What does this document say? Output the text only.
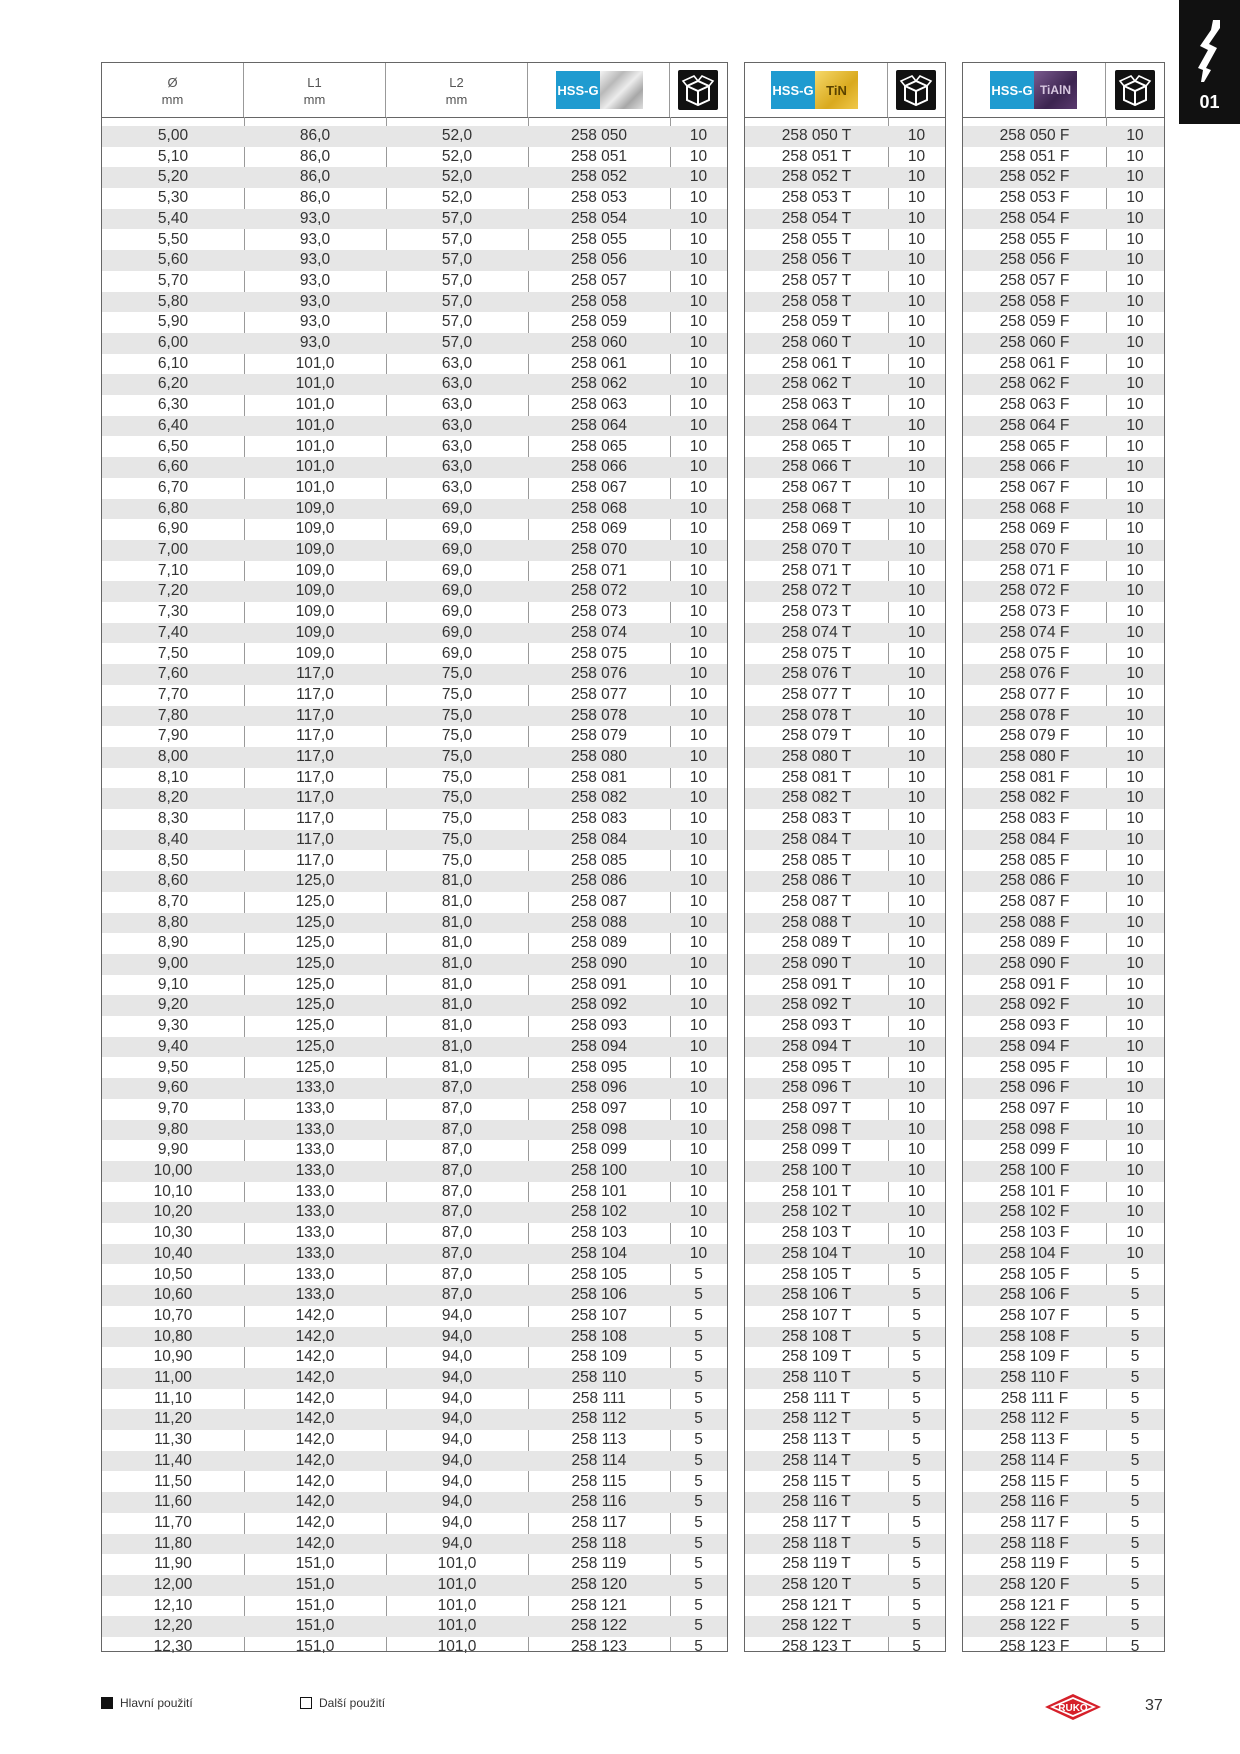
01
Ø
mm
L1
mm
L2
mm
HSS-G
5,00	86,0	52,0	258 050	10
5,10	86,0	52,0	258 051	10
5,20	86,0	52,0	258 052	10
5,30	86,0	52,0	258 053	10
5,40	93,0	57,0	258 054	10
5,50	93,0	57,0	258 055	10
5,60	93,0	57,0	258 056	10
5,70	93,0	57,0	258 057	10
5,80	93,0	57,0	258 058	10
5,90	93,0	57,0	258 059	10
6,00	93,0	57,0	258 060	10
6,10	101,0	63,0	258 061	10
6,20	101,0	63,0	258 062	10
6,30	101,0	63,0	258 063	10
6,40	101,0	63,0	258 064	10
6,50	101,0	63,0	258 065	10
6,60	101,0	63,0	258 066	10
6,70	101,0	63,0	258 067	10
6,80	109,0	69,0	258 068	10
6,90	109,0	69,0	258 069	10
7,00	109,0	69,0	258 070	10
7,10	109,0	69,0	258 071	10
7,20	109,0	69,0	258 072	10
7,30	109,0	69,0	258 073	10
7,40	109,0	69,0	258 074	10
7,50	109,0	69,0	258 075	10
7,60	117,0	75,0	258 076	10
7,70	117,0	75,0	258 077	10
7,80	117,0	75,0	258 078	10
7,90	117,0	75,0	258 079	10
8,00	117,0	75,0	258 080	10
8,10	117,0	75,0	258 081	10
8,20	117,0	75,0	258 082	10
8,30	117,0	75,0	258 083	10
8,40	117,0	75,0	258 084	10
8,50	117,0	75,0	258 085	10
8,60	125,0	81,0	258 086	10
8,70	125,0	81,0	258 087	10
8,80	125,0	81,0	258 088	10
8,90	125,0	81,0	258 089	10
9,00	125,0	81,0	258 090	10
9,10	125,0	81,0	258 091	10
9,20	125,0	81,0	258 092	10
9,30	125,0	81,0	258 093	10
9,40	125,0	81,0	258 094	10
9,50	125,0	81,0	258 095	10
9,60	133,0	87,0	258 096	10
9,70	133,0	87,0	258 097	10
9,80	133,0	87,0	258 098	10
9,90	133,0	87,0	258 099	10
10,00	133,0	87,0	258 100	10
10,10	133,0	87,0	258 101	10
10,20	133,0	87,0	258 102	10
10,30	133,0	87,0	258 103	10
10,40	133,0	87,0	258 104	10
10,50	133,0	87,0	258 105	5
10,60	133,0	87,0	258 106	5
10,70	142,0	94,0	258 107	5
10,80	142,0	94,0	258 108	5
10,90	142,0	94,0	258 109	5
11,00	142,0	94,0	258 110	5
11,10	142,0	94,0	258 111	5
11,20	142,0	94,0	258 112	5
11,30	142,0	94,0	258 113	5
11,40	142,0	94,0	258 114	5
11,50	142,0	94,0	258 115	5
11,60	142,0	94,0	258 116	5
11,70	142,0	94,0	258 117	5
11,80	142,0	94,0	258 118	5
11,90	151,0	101,0	258 119	5
12,00	151,0	101,0	258 120	5
12,10	151,0	101,0	258 121	5
12,20	151,0	101,0	258 122	5
12,30	151,0	101,0	258 123	5
HSS-G TiN
258 050 T	10
258 051 T	10
258 052 T	10
258 053 T	10
258 054 T	10
258 055 T	10
258 056 T	10
258 057 T	10
258 058 T	10
258 059 T	10
258 060 T	10
258 061 T	10
258 062 T	10
258 063 T	10
258 064 T	10
258 065 T	10
258 066 T	10
258 067 T	10
258 068 T	10
258 069 T	10
258 070 T	10
258 071 T	10
258 072 T	10
258 073 T	10
258 074 T	10
258 075 T	10
258 076 T	10
258 077 T	10
258 078 T	10
258 079 T	10
258 080 T	10
258 081 T	10
258 082 T	10
258 083 T	10
258 084 T	10
258 085 T	10
258 086 T	10
258 087 T	10
258 088 T	10
258 089 T	10
258 090 T	10
258 091 T	10
258 092 T	10
258 093 T	10
258 094 T	10
258 095 T	10
258 096 T	10
258 097 T	10
258 098 T	10
258 099 T	10
258 100 T	10
258 101 T	10
258 102 T	10
258 103 T	10
258 104 T	10
258 105 T	5
258 106 T	5
258 107 T	5
258 108 T	5
258 109 T	5
258 110 T	5
258 111 T	5
258 112 T	5
258 113 T	5
258 114 T	5
258 115 T	5
258 116 T	5
258 117 T	5
258 118 T	5
258 119 T	5
258 120 T	5
258 121 T	5
258 122 T	5
258 123 T	5
HSS-G TiAlN
258 050 F	10
258 051 F	10
258 052 F	10
258 053 F	10
258 054 F	10
258 055 F	10
258 056 F	10
258 057 F	10
258 058 F	10
258 059 F	10
258 060 F	10
258 061 F	10
258 062 F	10
258 063 F	10
258 064 F	10
258 065 F	10
258 066 F	10
258 067 F	10
258 068 F	10
258 069 F	10
258 070 F	10
258 071 F	10
258 072 F	10
258 073 F	10
258 074 F	10
258 075 F	10
258 076 F	10
258 077 F	10
258 078 F	10
258 079 F	10
258 080 F	10
258 081 F	10
258 082 F	10
258 083 F	10
258 084 F	10
258 085 F	10
258 086 F	10
258 087 F	10
258 088 F	10
258 089 F	10
258 090 F	10
258 091 F	10
258 092 F	10
258 093 F	10
258 094 F	10
258 095 F	10
258 096 F	10
258 097 F	10
258 098 F	10
258 099 F	10
258 100 F	10
258 101 F	10
258 102 F	10
258 103 F	10
258 104 F	10
258 105 F	5
258 106 F	5
258 107 F	5
258 108 F	5
258 109 F	5
258 110 F	5
258 111 F	5
258 112 F	5
258 113 F	5
258 114 F	5
258 115 F	5
258 116 F	5
258 117 F	5
258 118 F	5
258 119 F	5
258 120 F	5
258 121 F	5
258 122 F	5
258 123 F	5
Hlavní použití	Další použití	RUKO	37
